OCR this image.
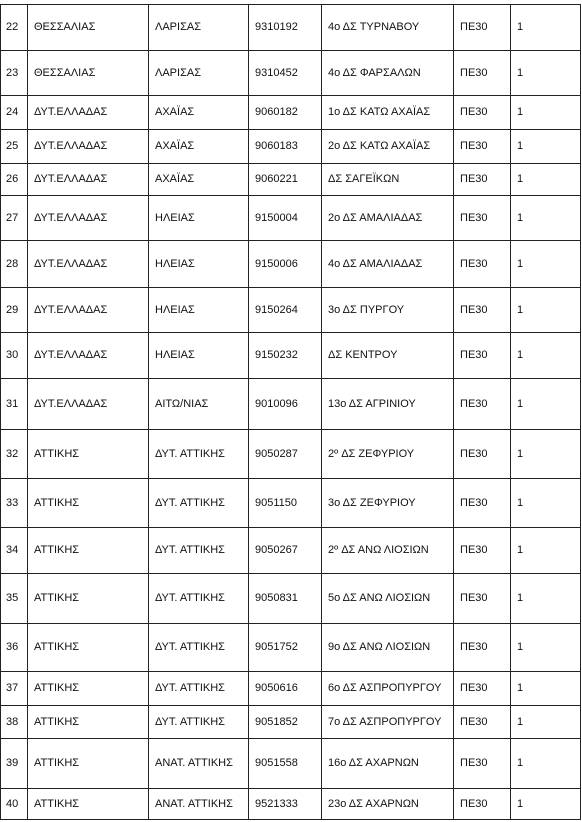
22	ΘΕΣΣΑΛΙΑΣ	ΛΑΡΙΣΑΣ	9310192	4ο ΔΣ ΤΥΡΝΑΒΟΥ	ΠΕ30	1
23	ΘΕΣΣΑΛΙΑΣ	ΛΑΡΙΣΑΣ	9310452	4ο ΔΣ ΦΑΡΣΑΛΩΝ	ΠΕ30	1
24	ΔΥΤ.ΕΛΛΑΔΑΣ	ΑΧΑΪΑΣ	9060182	1ο ΔΣ ΚΑΤΩ ΑΧΑΪΑΣ	ΠΕ30	1
25	ΔΥΤ.ΕΛΛΑΔΑΣ	ΑΧΑΪΑΣ	9060183	2ο ΔΣ ΚΑΤΩ ΑΧΑΪΑΣ	ΠΕ30	1
26	ΔΥΤ.ΕΛΛΑΔΑΣ	ΑΧΑΪΑΣ	9060221	ΔΣ ΣΑΓΕΪΚΩΝ	ΠΕ30	1
27	ΔΥΤ.ΕΛΛΑΔΑΣ	ΗΛΕΙΑΣ	9150004	2ο ΔΣ ΑΜΑΛΙΑΔΑΣ	ΠΕ30	1
28	ΔΥΤ.ΕΛΛΑΔΑΣ	ΗΛΕΙΑΣ	9150006	4ο ΔΣ ΑΜΑΛΙΑΔΑΣ	ΠΕ30	1
29	ΔΥΤ.ΕΛΛΑΔΑΣ	ΗΛΕΙΑΣ	9150264	3ο ΔΣ ΠΥΡΓΟΥ	ΠΕ30	1
30	ΔΥΤ.ΕΛΛΑΔΑΣ	ΗΛΕΙΑΣ	9150232	ΔΣ ΚΕΝΤΡΟΥ	ΠΕ30	1
31	ΔΥΤ.ΕΛΛΑΔΑΣ	ΑΙΤΩ/ΝΙΑΣ	9010096	13ο ΔΣ ΑΓΡΙΝΙΟΥ	ΠΕ30	1
32	ΑΤΤΙΚΗΣ	ΔΥΤ. ΑΤΤΙΚΗΣ	9050287	2º ΔΣ ΖΕΦΥΡΙΟΥ	ΠΕ30	1
33	ΑΤΤΙΚΗΣ	ΔΥΤ. ΑΤΤΙΚΗΣ	9051150	3ο ΔΣ ΖΕΦΥΡΙΟΥ	ΠΕ30	1
34	ΑΤΤΙΚΗΣ	ΔΥΤ. ΑΤΤΙΚΗΣ	9050267	2º ΔΣ ΑΝΩ ΛΙΟΣΙΩΝ	ΠΕ30	1
35	ΑΤΤΙΚΗΣ	ΔΥΤ. ΑΤΤΙΚΗΣ	9050831	5ο ΔΣ ΑΝΩ ΛΙΟΣΙΩΝ	ΠΕ30	1
36	ΑΤΤΙΚΗΣ	ΔΥΤ. ΑΤΤΙΚΗΣ	9051752	9ο ΔΣ ΑΝΩ ΛΙΟΣΙΩΝ	ΠΕ30	1
37	ΑΤΤΙΚΗΣ	ΔΥΤ. ΑΤΤΙΚΗΣ	9050616	6ο ΔΣ ΑΣΠΡΟΠΥΡΓΟΥ	ΠΕ30	1
38	ΑΤΤΙΚΗΣ	ΔΥΤ. ΑΤΤΙΚΗΣ	9051852	7ο ΔΣ ΑΣΠΡΟΠΥΡΓΟΥ	ΠΕ30	1
39	ΑΤΤΙΚΗΣ	ΑΝΑΤ. ΑΤΤΙΚΗΣ	9051558	16ο ΔΣ ΑΧΑΡΝΩΝ	ΠΕ30	1
40	ΑΤΤΙΚΗΣ	ΑΝΑΤ. ΑΤΤΙΚΗΣ	9521333	23ο ΔΣ ΑΧΑΡΝΩΝ	ΠΕ30	1
